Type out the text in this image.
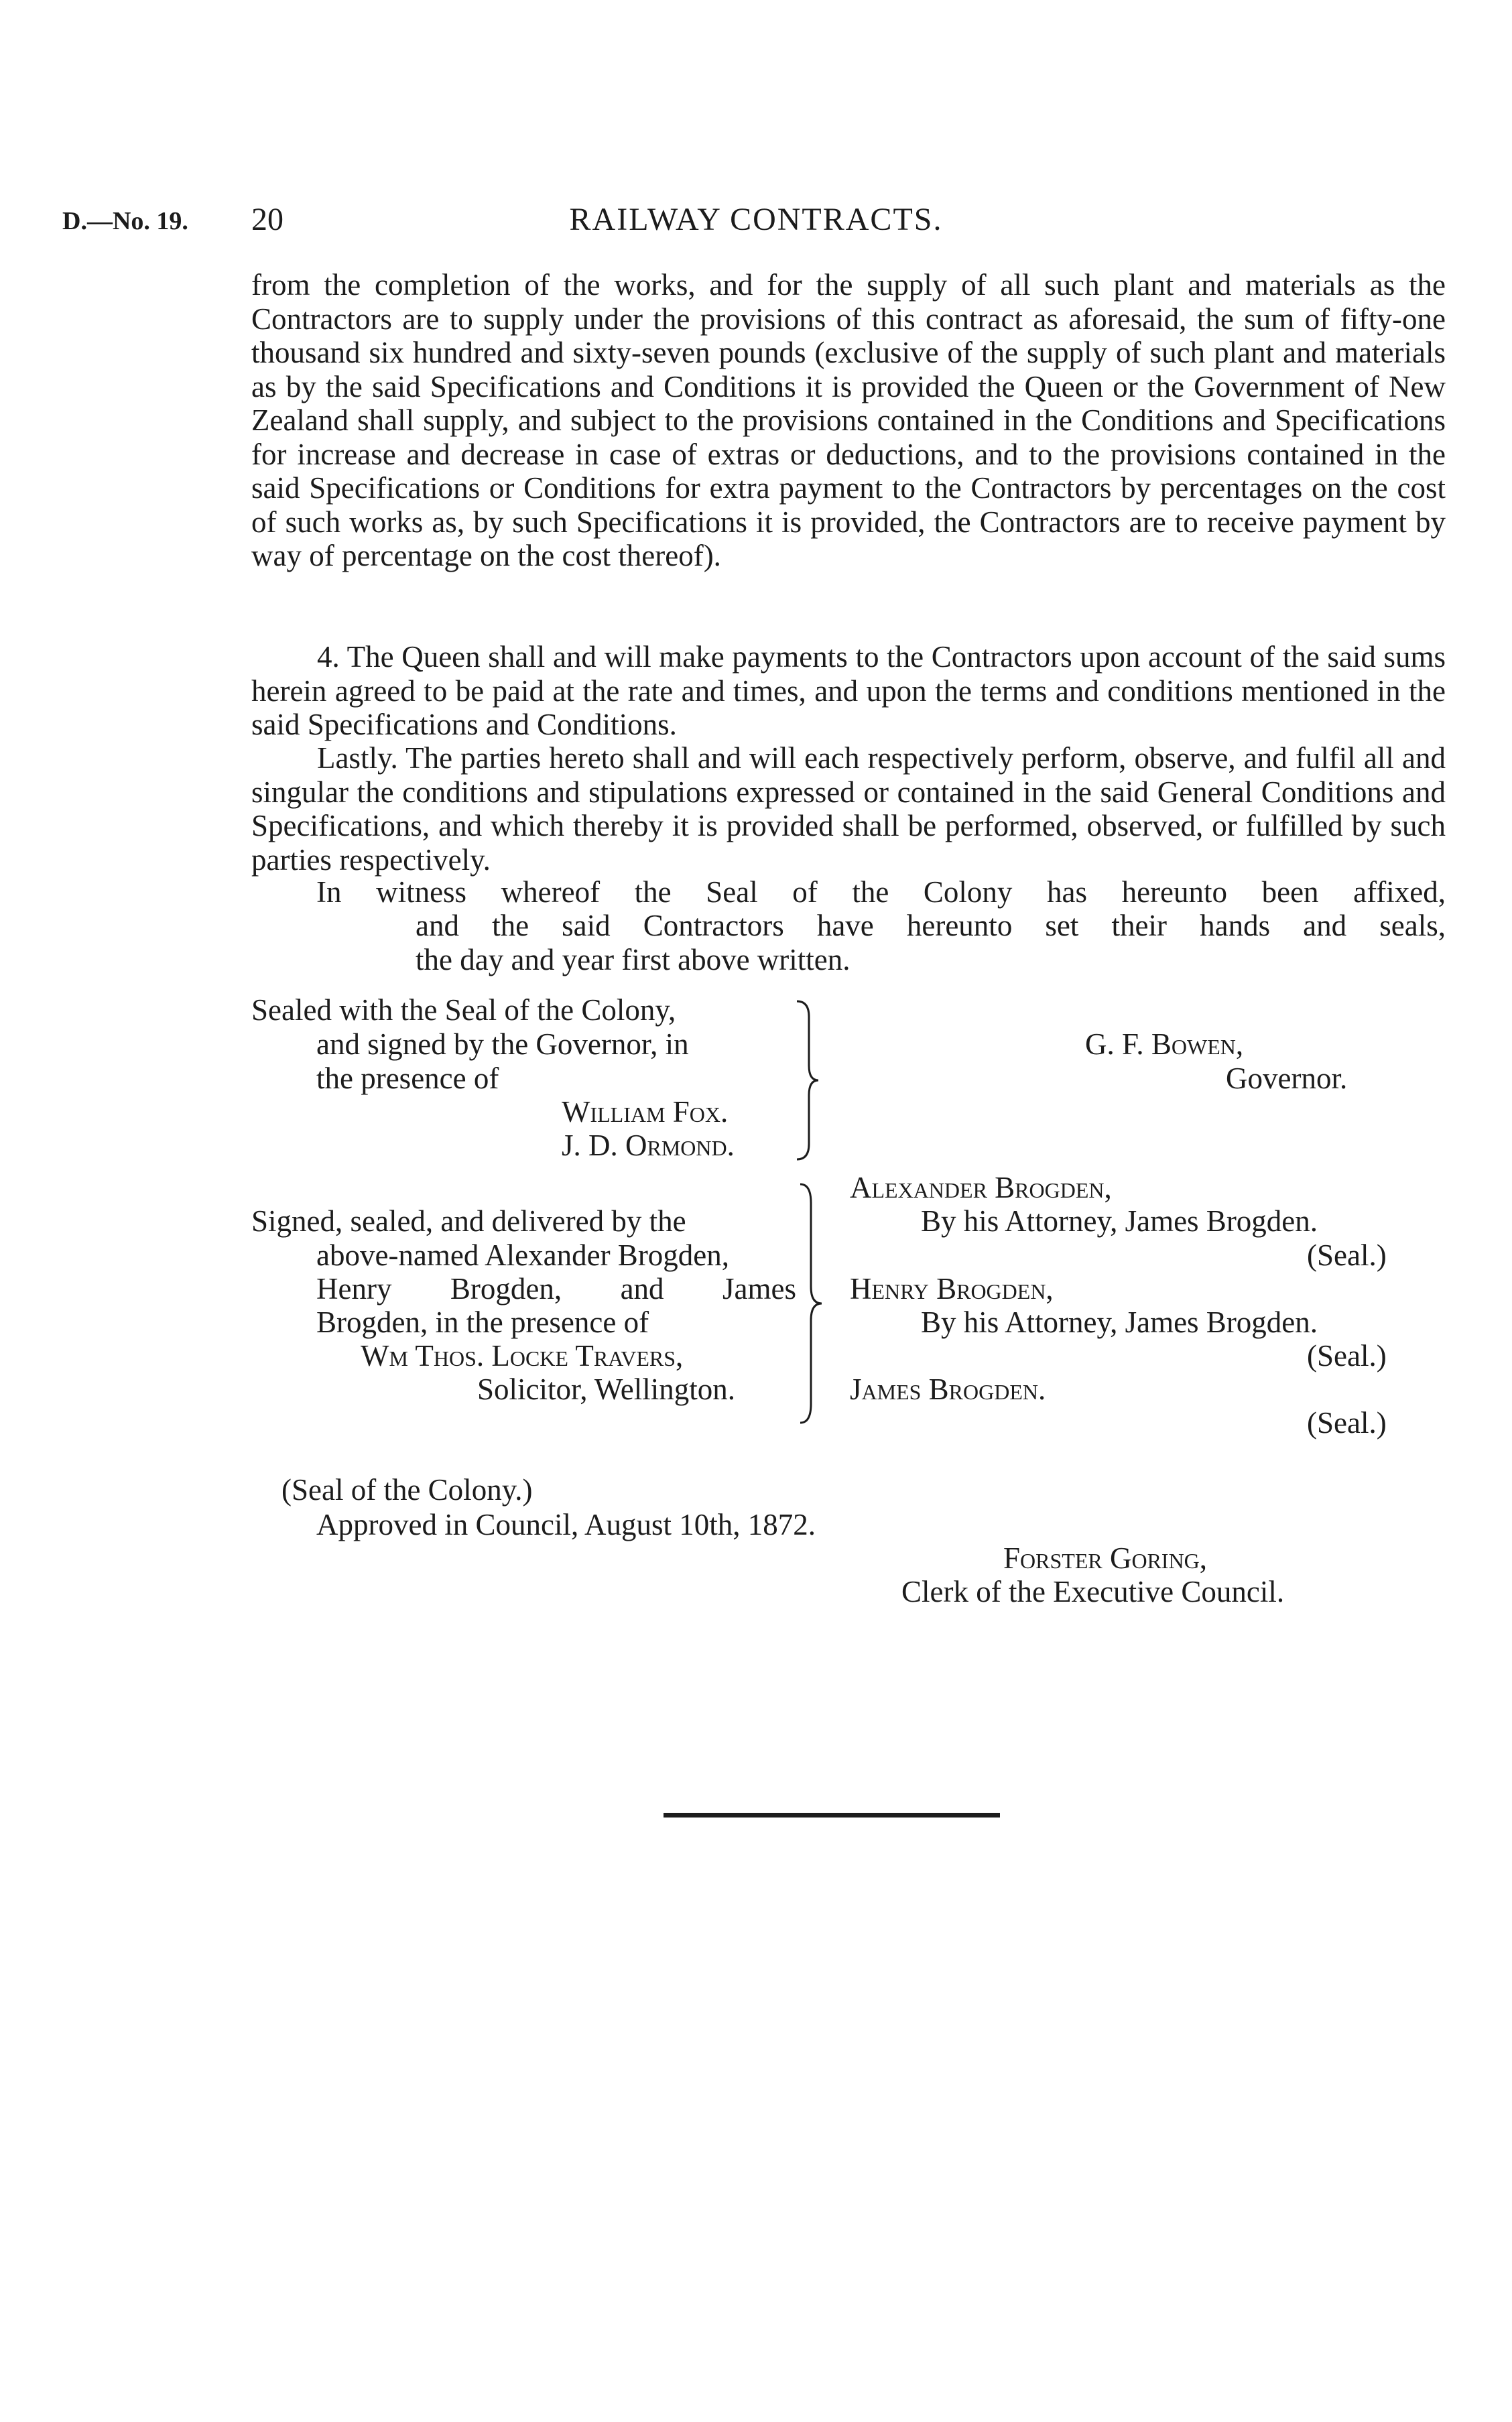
D.—No. 19. 20	RAILWAY CONTRACTS.
from the completion of the works, and for the supply of all such plant and materials as the Contractors are to supply under the provisions of this contract as aforesaid, the sum of fifty-one thousand six hundred and sixty-seven pounds (exclusive of the supply of such plant and materials as by the said Specifications and Conditions it is provided the Queen or the Government of New Zealand shall supply, and subject to the provisions contained in the Conditions and Specifications for increase and decrease in case of extras or deductions, and to the provisions contained in the said Specifications or Conditions for extra payment to the Contractors by percentages on the cost of such works as, by such Specifications it is provided, the Contractors are to receive payment by way of percentage on the cost thereof).
4. The Queen shall and will make payments to the Contractors upon account of the said sums herein agreed to be paid at the rate and times, and upon the terms and conditions mentioned in the said Specifications and Conditions.
Lastly. The parties hereto shall and will each respectively perform, observe, and fulfil all and singular the conditions and stipulations expressed or contained in the said General Conditions and Specifications, and which thereby it is provided shall be performed, observed, or fulfilled by such parties respectively.
In witness whereof the Seal of the Colony has hereunto been affixed,
and the said Contractors have hereunto set their hands and seals,
the day and year first above written.
Sealed with the Seal of the Colony,
and signed by the Governor, in
the presence of
William Fox.
J. D. Ormond.
G. F. Bowen,
Governor.
Signed, sealed, and delivered by the
above-named Alexander Brogden,
Henry Brogden, and James
Brogden, in the presence of
Wm Thos. Locke Travers,
Solicitor, Wellington.
Alexander Brogden,
By his Attorney, James Brogden.
(Seal.)
Henry Brogden,
By his Attorney, James Brogden.
(Seal.)
James Brogden.
(Seal.)
(Seal of the Colony.)
Approved in Council, August 10th, 1872.
Forster Goring,
Clerk of the Executive Council.
